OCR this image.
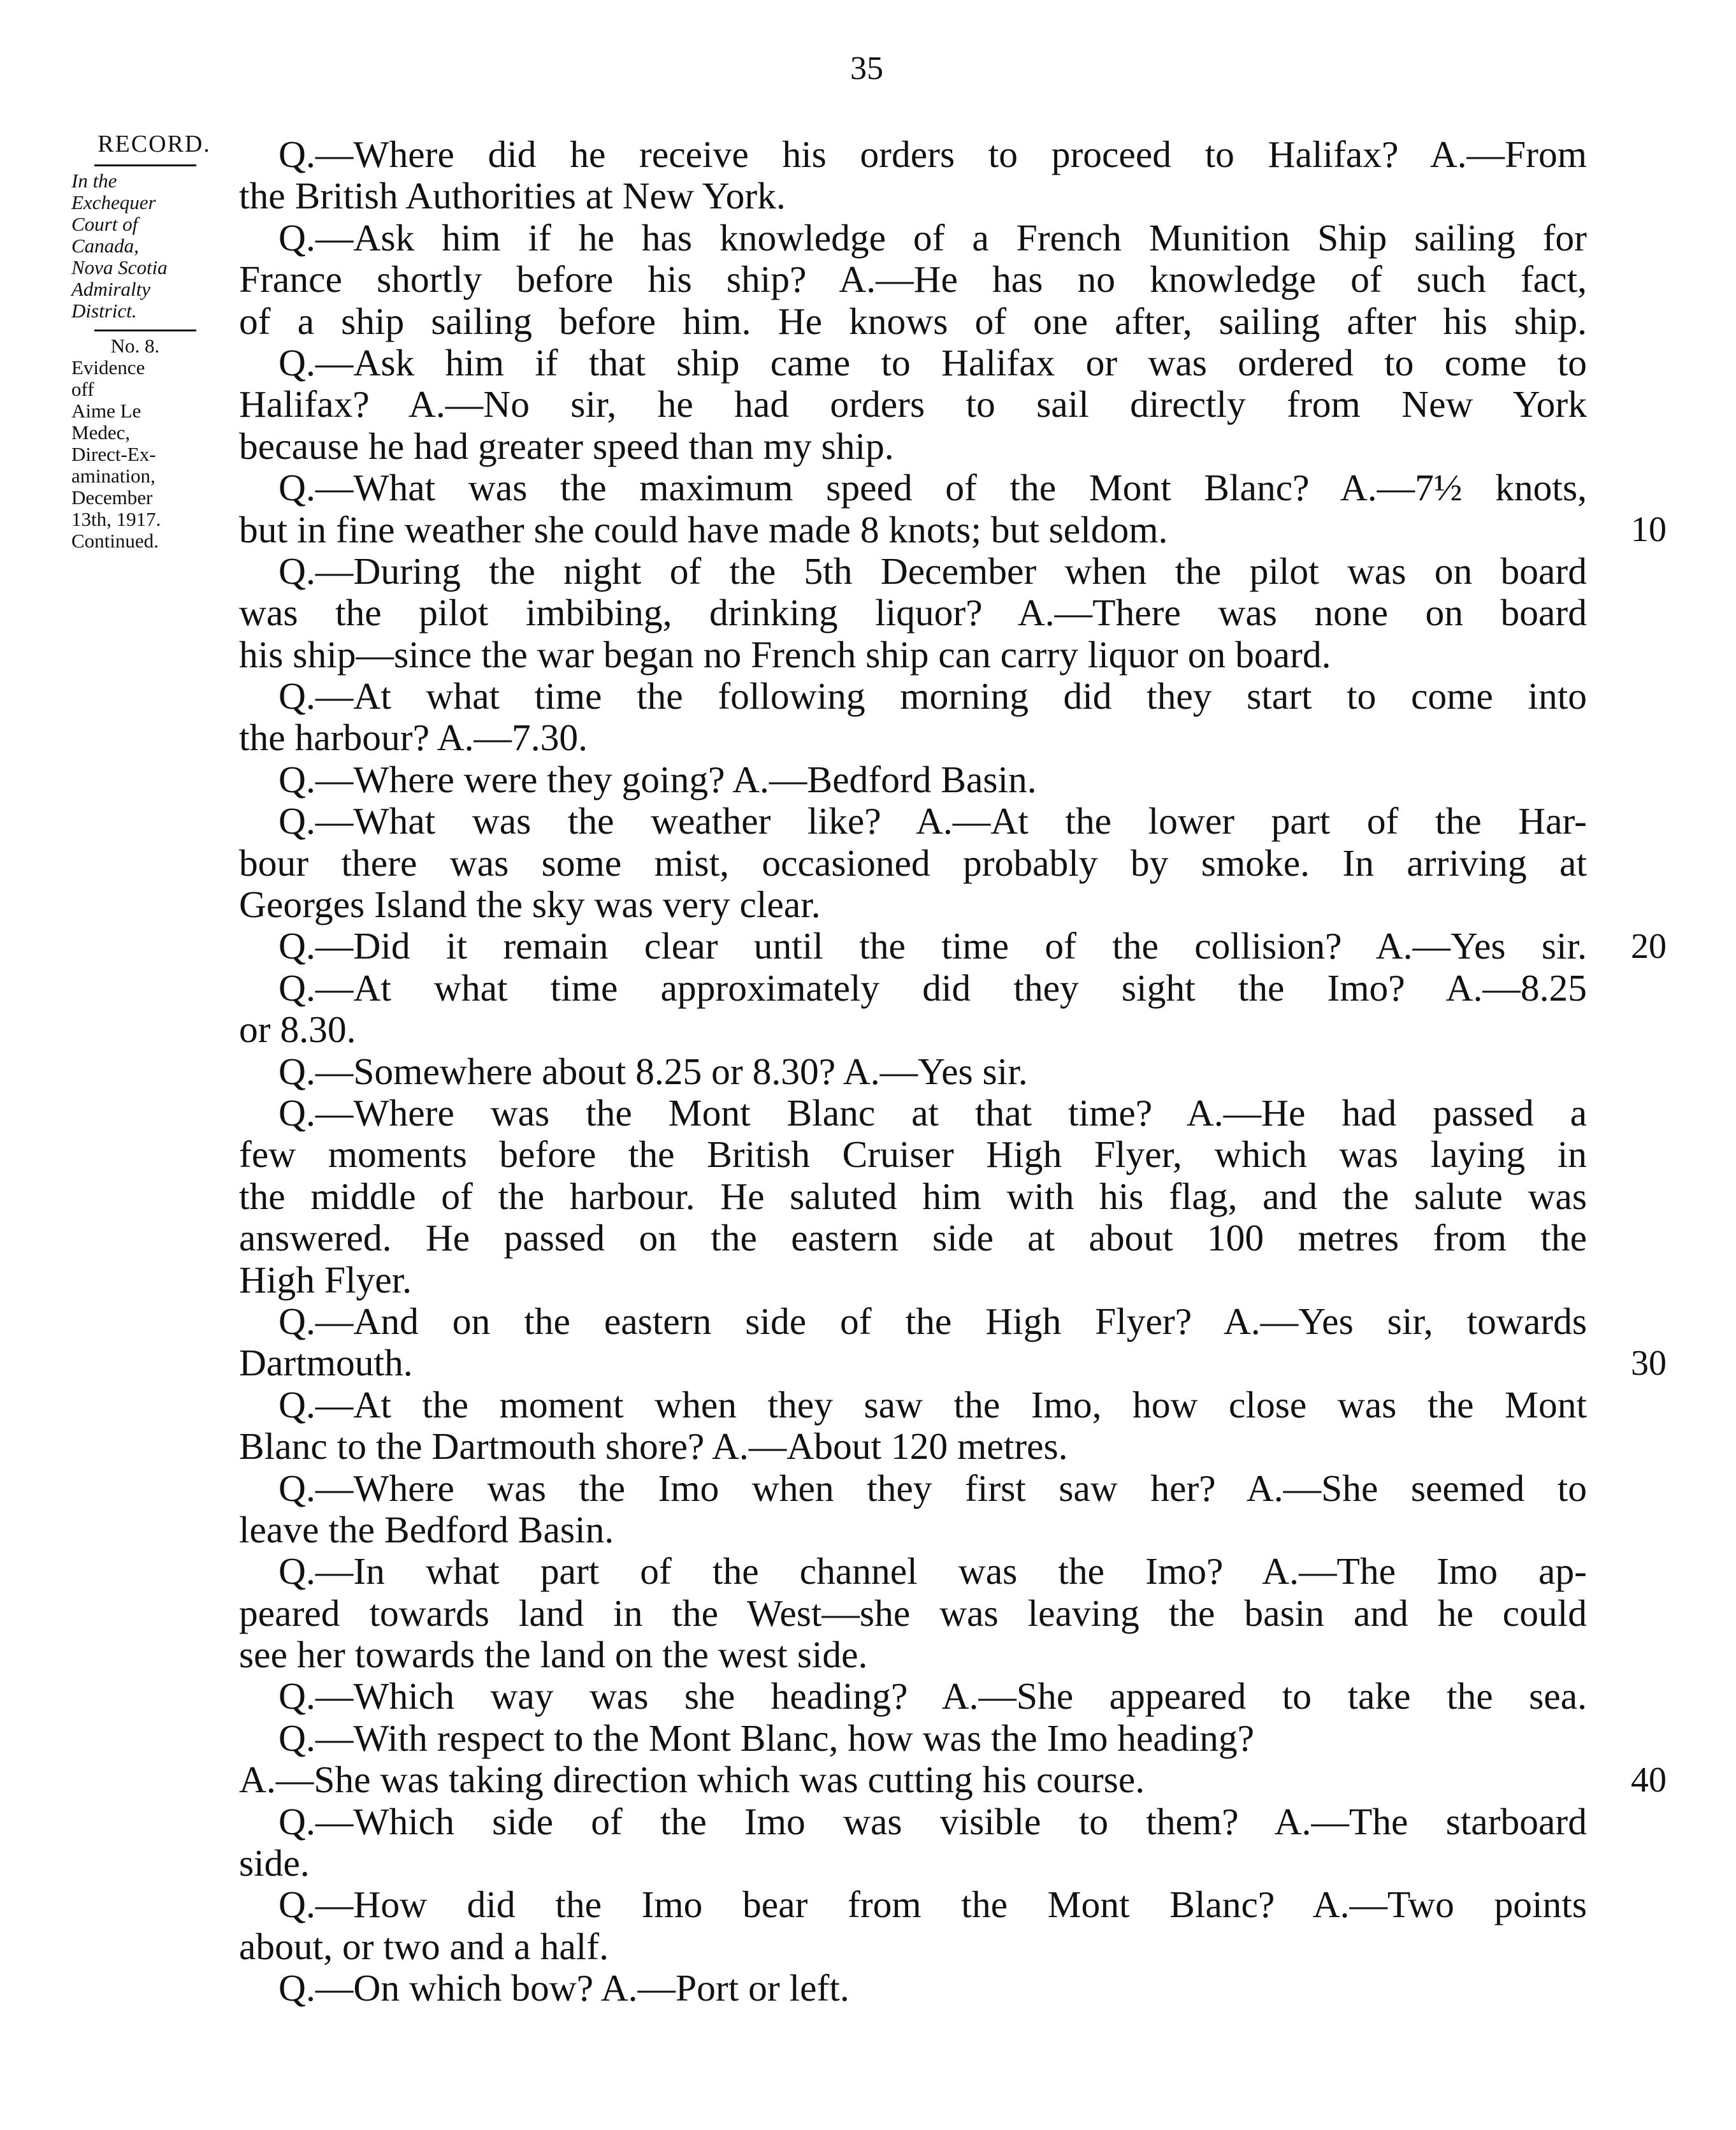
35
RECORD.
In the
Exchequer
Court of
Canada,
Nova Scotia
Admiralty
District.
No. 8.
Evidence
off
Aime Le
Medec,
Direct-Ex-
amination,
December
13th, 1917.
Continued.
Q.—Where did he receive his orders to proceed to Halifax? A.—From
the British Authorities at New York.
Q.—Ask him if he has knowledge of a French Munition Ship sailing for
France shortly before his ship? A.—He has no knowledge of such fact,
of a ship sailing before him. He knows of one after, sailing after his ship.
Q.—Ask him if that ship came to Halifax or was ordered to come to
Halifax? A.—No sir, he had orders to sail directly from New York
because he had greater speed than my ship.
Q.—What was the maximum speed of the Mont Blanc? A.—7½ knots,
but in fine weather she could have made 8 knots; but seldom.
Q.—During the night of the 5th December when the pilot was on board
was the pilot imbibing, drinking liquor? A.—There was none on board
his ship—since the war began no French ship can carry liquor on board.
Q.—At what time the following morning did they start to come into
the harbour? A.—7.30.
Q.—Where were they going? A.—Bedford Basin.
Q.—What was the weather like? A.—At the lower part of the Har-
bour there was some mist, occasioned probably by smoke. In arriving at
Georges Island the sky was very clear.
Q.—Did it remain clear until the time of the collision? A.—Yes sir.
Q.—At what time approximately did they sight the Imo? A.—8.25
or 8.30.
Q.—Somewhere about 8.25 or 8.30? A.—Yes sir.
Q.—Where was the Mont Blanc at that time? A.—He had passed a
few moments before the British Cruiser High Flyer, which was laying in
the middle of the harbour. He saluted him with his flag, and the salute was
answered. He passed on the eastern side at about 100 metres from the
High Flyer.
Q.—And on the eastern side of the High Flyer? A.—Yes sir, towards
Dartmouth.
Q.—At the moment when they saw the Imo, how close was the Mont
Blanc to the Dartmouth shore? A.—About 120 metres.
Q.—Where was the Imo when they first saw her? A.—She seemed to
leave the Bedford Basin.
Q.—In what part of the channel was the Imo? A.—The Imo ap-
peared towards land in the West—she was leaving the basin and he could
see her towards the land on the west side.
Q.—Which way was she heading? A.—She appeared to take the sea.
Q.—With respect to the Mont Blanc, how was the Imo heading?
A.—She was taking direction which was cutting his course.
Q.—Which side of the Imo was visible to them? A.—The starboard
side.
Q.—How did the Imo bear from the Mont Blanc? A.—Two points
about, or two and a half.
Q.—On which bow? A.—Port or left.
10
20
30
40
